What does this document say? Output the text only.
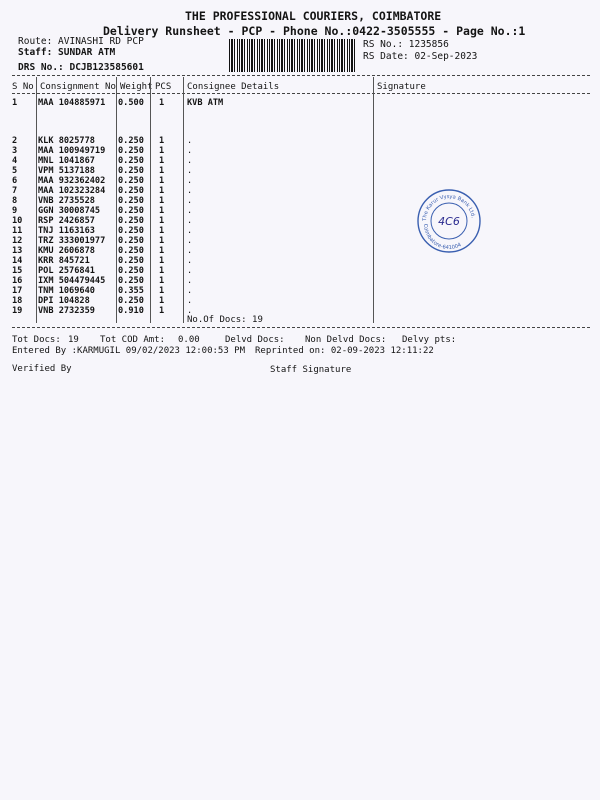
THE PROFESSIONAL COURIERS, COIMBATORE
Delivery Runsheet - PCP - Phone No.:0422-3505555 - Page No.:1
Route: AVINASHI RD PCP
Staff: SUNDAR ATM
DRS No.: DCJB123585601
RS No.: 1235856
RS Date: 02-Sep-2023
S No Consignment No Weight PCS Consignee Details	Signature
1 MAA 104885971 0.500 1	KVB ATM
2 KLK 8025778	0.250 1	.
3 MAA 100949719 0.250 1	.
4 MNL 1041867	0.250 1	.
5 VPM 5137188	0.250 1	.
6 MAA 932362402 0.250 1	.
7 MAA 102323284 0.250 1	.
8 VNB 2735528	0.250 1	.
9 GGN 30008745 0.250 1	.
10 RSP 2426857	0.250 1	.
11 TNJ 1163163	0.250 1	.
12 TRZ 333001977 0.250 1	.
13 KMU 2606878	0.250 1	.
14 KRR 845721	0.250 1	.
15 POL 2576841	0.250 1	.
16 IXM 504479445 0.250 1	.
17 TNM 1069640	0.355 1	.
18 DPI 104828	0.250 1	.
19 VNB 2732359	0.910 1	.
No.Of Docs: 19
The Karur Vysya Bank Ltd.
Coimbatore-641004
4C6
Tot Docs: 19 Tot COD Amt: 0.00	Delvd Docs: Non Delvd Docs: Delvy pts:
Entered By :KARMUGIL 09/02/2023 12:00:53 PM Reprinted on: 02-09-2023 12:11:22
Verified By	Staff Signature
